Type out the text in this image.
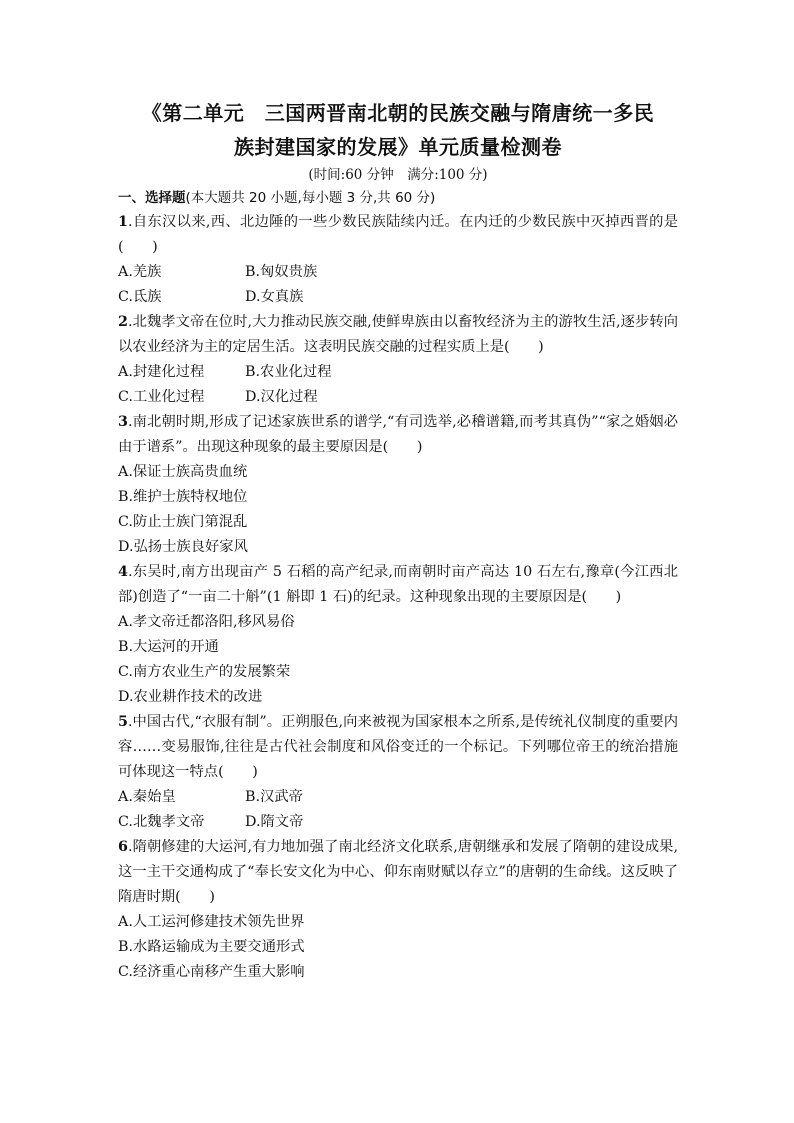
《第二单元　三国两晋南北朝的民族交融与隋唐统一多民
族封建国家的发展》单元质量检测卷
(时间:60 分钟　满分:100 分)
一、选择题(本大题共 20 小题,每小题 3 分,共 60 分)
1.自东汉以来,西、北边陲的一些少数民族陆续内迁。在内迁的少数民族中灭掉西晋的是(　　)
A.羌族	B.匈奴贵族
C.氐族	D.女真族
2.北魏孝文帝在位时,大力推动民族交融,使鲜卑族由以畜牧经济为主的游牧生活,逐步转向以农业经济为主的定居生活。这表明民族交融的过程实质上是(　　)
A.封建化过程	B.农业化过程
C.工业化过程	D.汉化过程
3.南北朝时期,形成了记述家族世系的谱学,“有司选举,必稽谱籍,而考其真伪”“家之婚姻必由于谱系”。出现这种现象的最主要原因是(　　)
A.保证士族高贵血统
B.维护士族特权地位
C.防止士族门第混乱
D.弘扬士族良好家风
4.东吴时,南方出现亩产 5 石稻的高产纪录,而南朝时亩产高达 10 石左右,豫章(今江西北部)创造了“一亩二十斛”(1 斛即 1 石)的纪录。这种现象出现的主要原因是(　　)
A.孝文帝迁都洛阳,移风易俗
B.大运河的开通
C.南方农业生产的发展繁荣
D.农业耕作技术的改进
5.中国古代,“衣服有制”。正朔服色,向来被视为国家根本之所系,是传统礼仪制度的重要内容……变易服饰,往往是古代社会制度和风俗变迁的一个标记。下列哪位帝王的统治措施可体现这一特点(　　)
A.秦始皇	B.汉武帝
C.北魏孝文帝	D.隋文帝
6.隋朝修建的大运河,有力地加强了南北经济文化联系,唐朝继承和发展了隋朝的建设成果,这一主干交通构成了“奉长安文化为中心、仰东南财赋以存立”的唐朝的生命线。这反映了隋唐时期(　　)
A.人工运河修建技术领先世界
B.水路运输成为主要交通形式
C.经济重心南移产生重大影响
